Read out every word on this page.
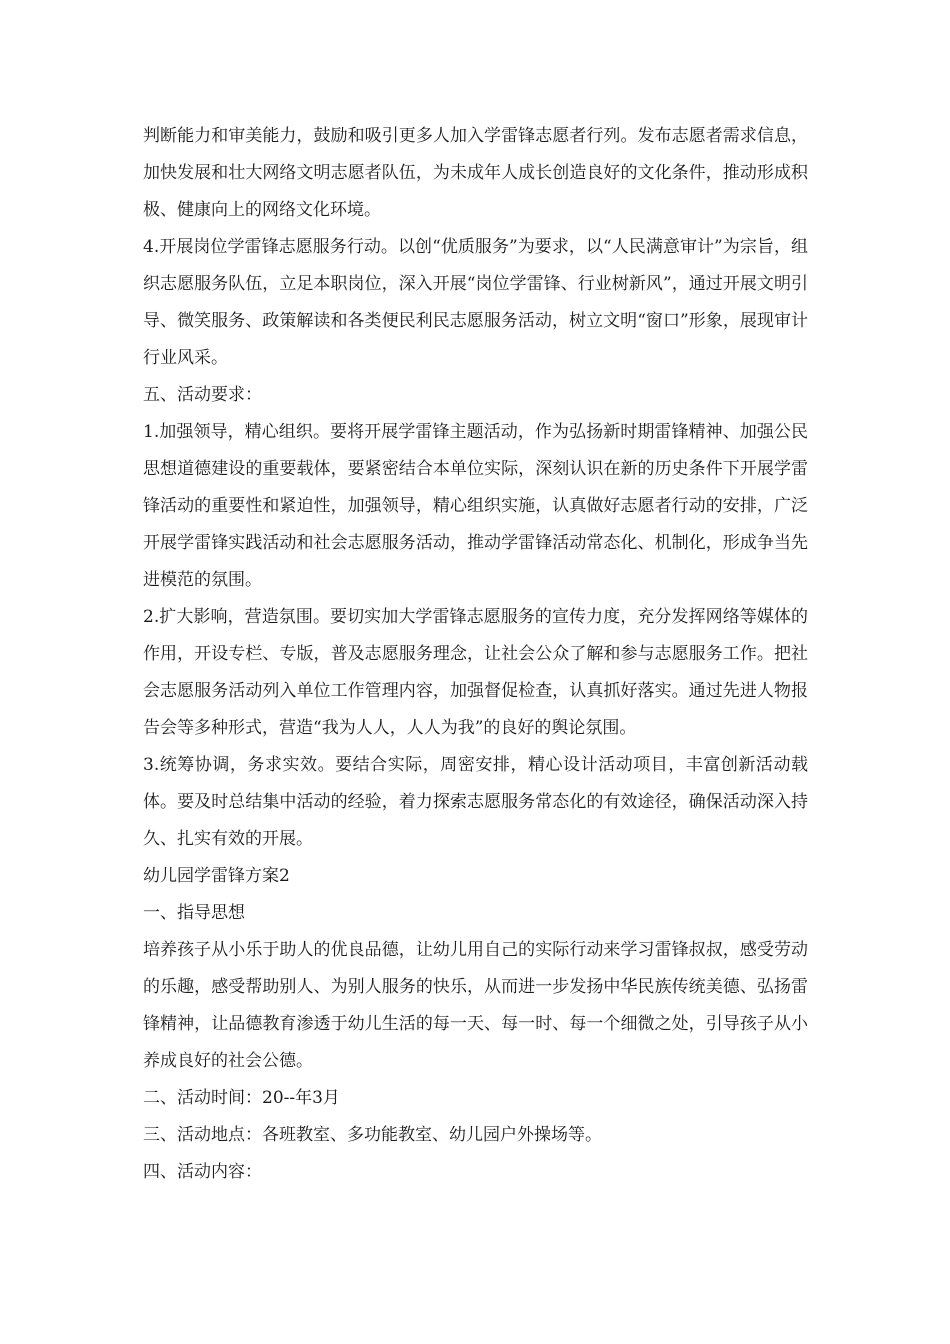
判断能力和审美能力，鼓励和吸引更多人加入学雷锋志愿者行列。发布志愿者需求信息，加快发展和壮大网络文明志愿者队伍，为未成年人成长创造良好的文化条件，推动形成积极、健康向上的网络文化环境。

4.开展岗位学雷锋志愿服务行动。以创“优质服务”为要求，以“人民满意审计”为宗旨，组织志愿服务队伍，立足本职岗位，深入开展“岗位学雷锋、行业树新风”，通过开展文明引导、微笑服务、政策解读和各类便民利民志愿服务活动，树立文明“窗口”形象，展现审计行业风采。

五、活动要求：

1.加强领导，精心组织。要将开展学雷锋主题活动，作为弘扬新时期雷锋精神、加强公民思想道德建设的重要载体，要紧密结合本单位实际，深刻认识在新的历史条件下开展学雷锋活动的重要性和紧迫性，加强领导，精心组织实施，认真做好志愿者行动的安排，广泛开展学雷锋实践活动和社会志愿服务活动，推动学雷锋活动常态化、机制化，形成争当先进模范的氛围。

2.扩大影响，营造氛围。要切实加大学雷锋志愿服务的宣传力度，充分发挥网络等媒体的作用，开设专栏、专版，普及志愿服务理念，让社会公众了解和参与志愿服务工作。把社会志愿服务活动列入单位工作管理内容，加强督促检查，认真抓好落实。通过先进人物报告会等多种形式，营造“我为人人，人人为我”的良好的舆论氛围。

3.统筹协调，务求实效。要结合实际，周密安排，精心设计活动项目，丰富创新活动载体。要及时总结集中活动的经验，着力探索志愿服务常态化的有效途径，确保活动深入持久、扎实有效的开展。

幼儿园学雷锋方案2

一、指导思想

培养孩子从小乐于助人的优良品德，让幼儿用自己的实际行动来学习雷锋叔叔，感受劳动的乐趣，感受帮助别人、为别人服务的快乐，从而进一步发扬中华民族传统美德、弘扬雷锋精神，让品德教育渗透于幼儿生活的每一天、每一时、每一个细微之处，引导孩子从小养成良好的社会公德。

二、活动时间：20--年3月

三、活动地点：各班教室、多功能教室、幼儿园户外操场等。

四、活动内容：
